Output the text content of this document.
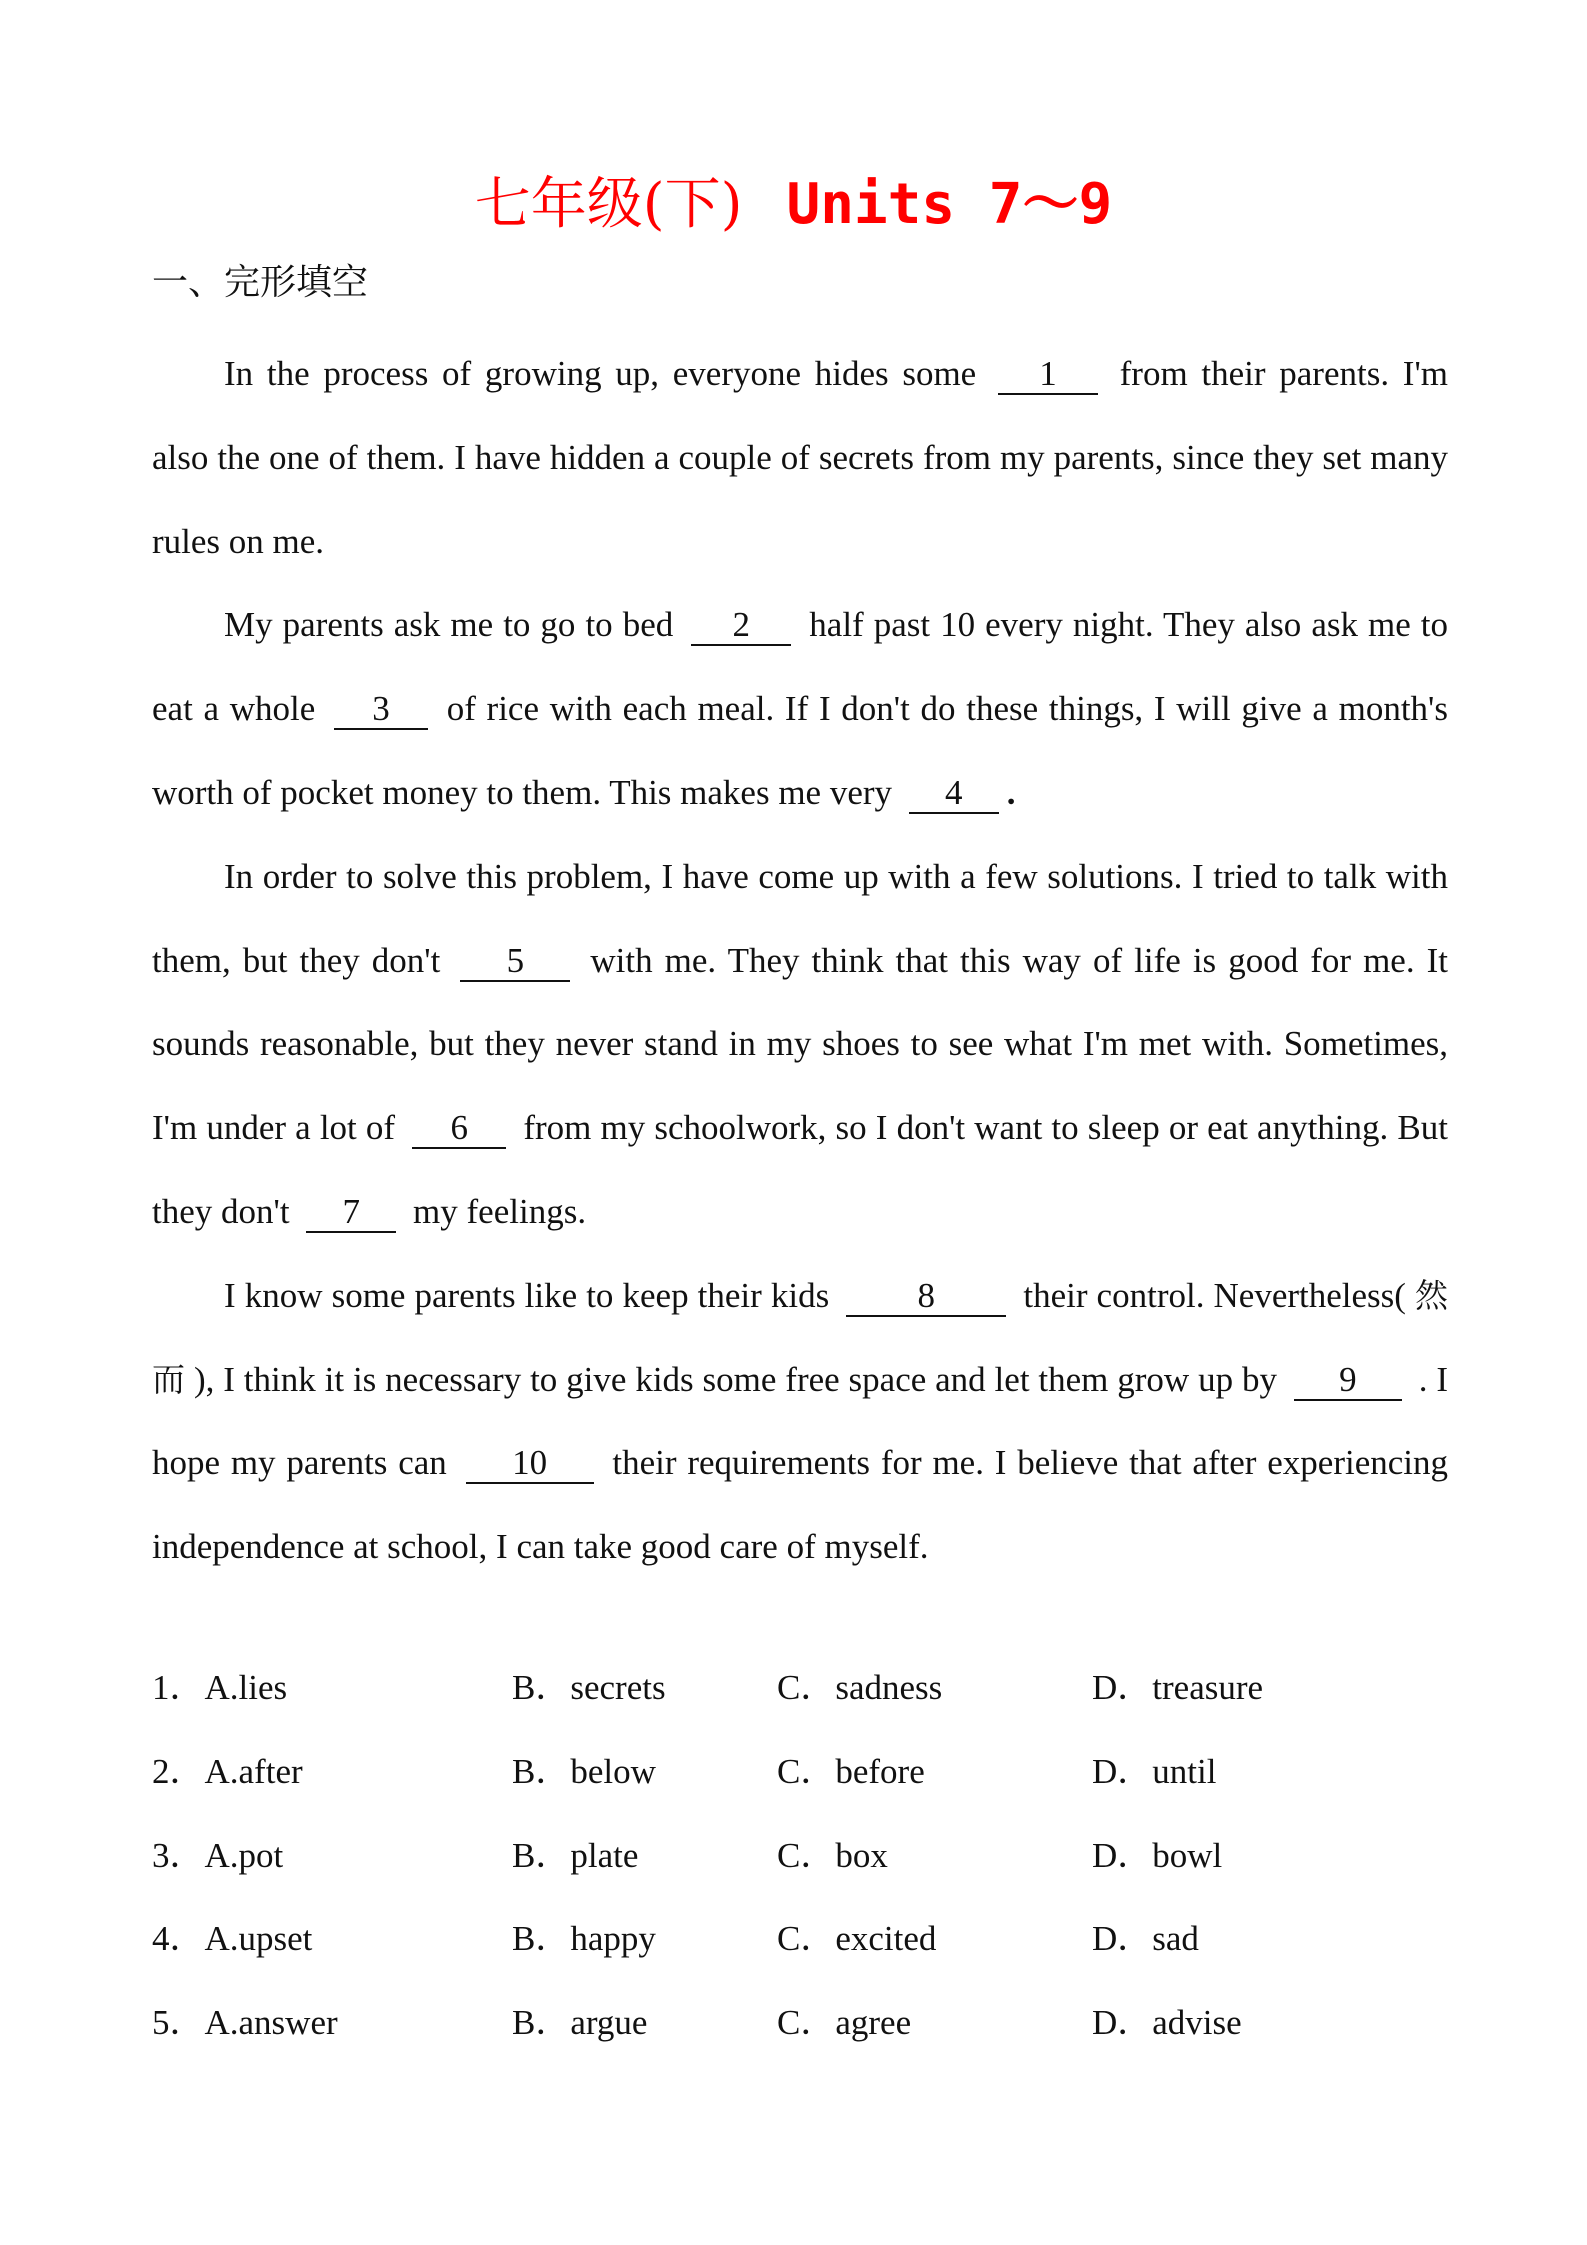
七年级(下) Units 7～9
一、完形填空

In the process of growing up, everyone hides some 1 from their parents. I'm also the one of them. I have hidden a couple of secrets from my parents, since they set many rules on me.

My parents ask me to go to bed 2 half past 10 every night. They also ask me to eat a whole 3 of rice with each meal. If I don't do these things, I will give a month's worth of pocket money to them. This makes me very 4 .

In order to solve this problem, I have come up with a few solutions. I tried to talk with them, but they don't 5 with me. They think that this way of life is good for me. It sounds reasonable, but they never stand in my shoes to see what I'm met with. Sometimes, I'm under a lot of 6 from my schoolwork, so I don't want to sleep or eat anything. But they don't 7 my feelings.

I know some parents like to keep their kids 8 their control. Nevertheless( 然而 ), I think it is necessary to give kids some free space and let them grow up by 9 . I hope my parents can 10 their requirements for me. I believe that after experiencing independence at school, I can take good care of myself.

1．A.lies	B．secrets	C．sadness	D．treasure
2．A.after	B．below	C．before	D．until
3．A.pot	B．plate	C．box	D．bowl
4．A.upset	B．happy	C．excited	D．sad
5．A.answer	B．argue	C．agree	D．advise
